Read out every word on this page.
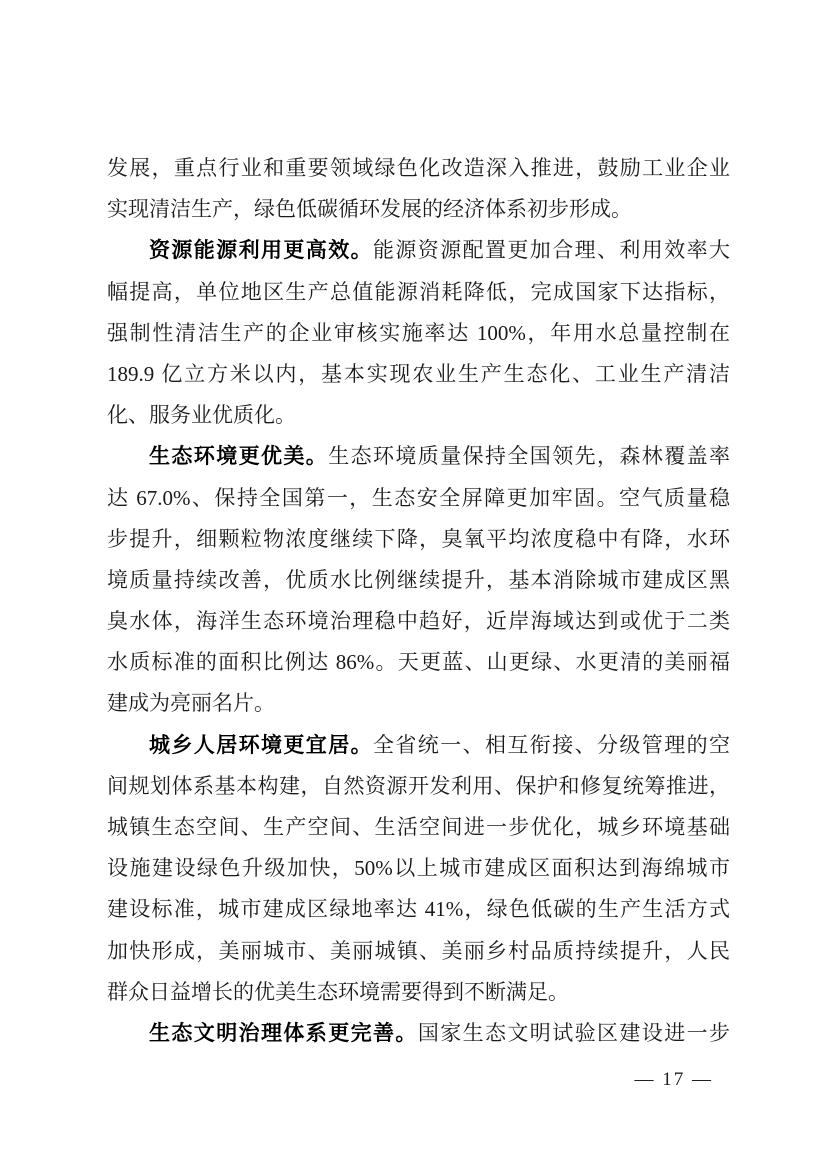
发展，重点行业和重要领域绿色化改造深入推进，鼓励工业企业
实现清洁生产，绿色低碳循环发展的经济体系初步形成。
资源能源利用更高效。能源资源配置更加合理、利用效率大
幅提高，单位地区生产总值能源消耗降低，完成国家下达指标，
强制性清洁生产的企业审核实施率达 100%，年用水总量控制在
189.9 亿立方米以内，基本实现农业生产生态化、工业生产清洁
化、服务业优质化。
生态环境更优美。生态环境质量保持全国领先，森林覆盖率
达 67.0%、保持全国第一，生态安全屏障更加牢固。空气质量稳
步提升，细颗粒物浓度继续下降，臭氧平均浓度稳中有降，水环
境质量持续改善，优质水比例继续提升，基本消除城市建成区黑
臭水体，海洋生态环境治理稳中趋好，近岸海域达到或优于二类
水质标准的面积比例达 86%。天更蓝、山更绿、水更清的美丽福
建成为亮丽名片。
城乡人居环境更宜居。全省统一、相互衔接、分级管理的空
间规划体系基本构建，自然资源开发利用、保护和修复统筹推进，
城镇生态空间、生产空间、生活空间进一步优化，城乡环境基础
设施建设绿色升级加快，50%以上城市建成区面积达到海绵城市
建设标准，城市建成区绿地率达 41%，绿色低碳的生产生活方式
加快形成，美丽城市、美丽城镇、美丽乡村品质持续提升，人民
群众日益增长的优美生态环境需要得到不断满足。
生态文明治理体系更完善。国家生态文明试验区建设进一步
— 17 —
